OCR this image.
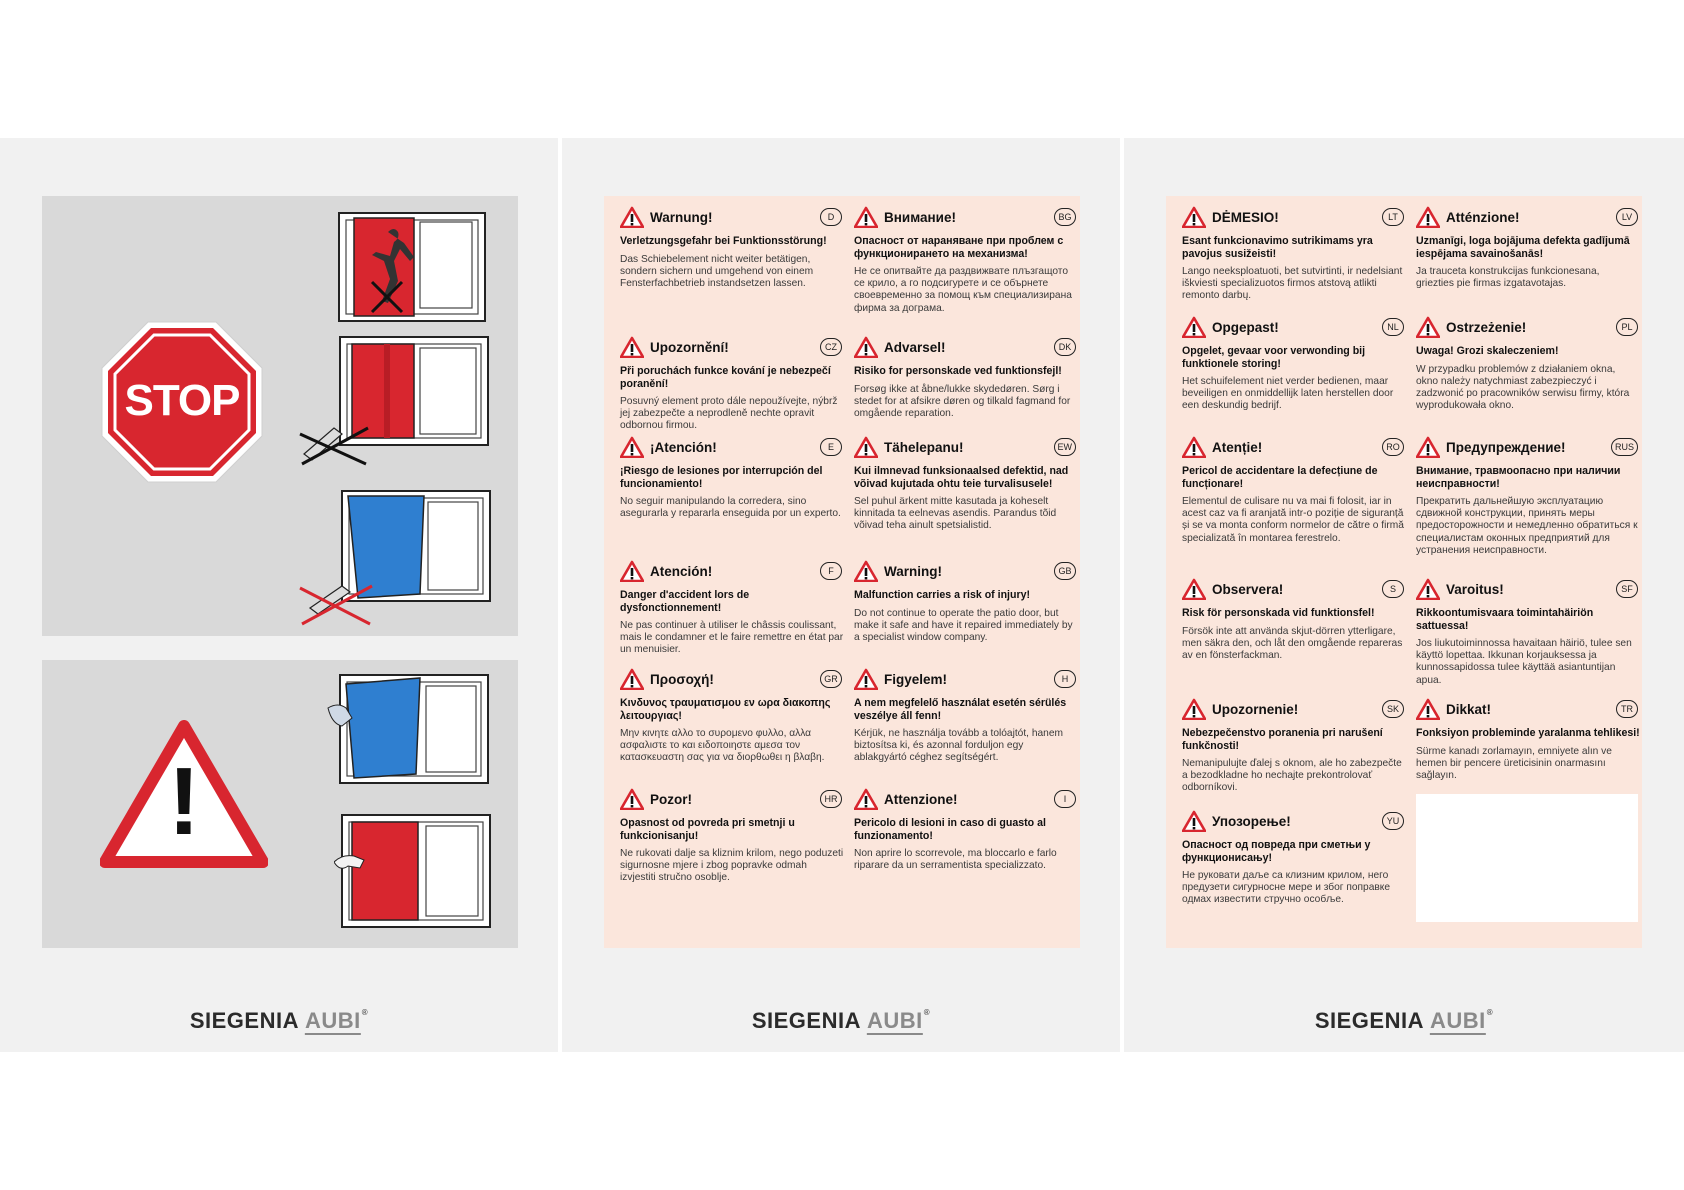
STOP
!
SIEGENIA AUBI®
Warnung!	D
Verletzungsgefahr bei Funktionsstörung!
Das Schiebelement nicht weiter betätigen, sondern sichern und umgehend von einem Fensterfachbetrieb instandsetzen lassen.
Upozornění!	CZ
Při poruchách funkce kování je nebezpečí poranění!
Posuvný element proto dále nepoužívejte, nýbrž jej zabezpečte a neprodleně nechte opravit odbornou firmou.
¡Atención!	E
¡Riesgo de lesiones por interrupción del funcionamiento!
No seguir manipulando la corredera, sino asegurarla y repararla enseguida por un experto.
Atención!	F
Danger d'accident lors de dysfonctionnement!
Ne pas continuer à utiliser le châssis coulissant, mais le condamner et le faire remettre en état par un menuisier.
Προσοχή!	GR
Κινδυνος τραυματισμου εν ωρα διακοπης λειτουργιας!
Μην κινητε αλλο το συρομενο φυλλο, αλλα ασφαλιστε το και ειδοποιηστε αμεσα τον κατασκευαστη σας για να διορθωθει η βλαβη.
Pozor!	HR
Opasnost od povreda pri smetnji u funkcionisanju!
Ne rukovati dalje sa kliznim krilom, nego poduzeti sigurnosne mjere i zbog popravke odmah izvjestiti stručno osoblje.
Внимание!	BG
Опасност от нараняване при проблем с функционирането на механизма!
Не се опитвайте да раздвижвате плъзгащото се крило, а го подсигурете и се обърнете своевременно за помощ към специализирана фирма за дограма.
Advarsel!	DK
Risiko for personskade ved funktionsfejl!
Forsøg ikke at åbne/lukke skydedøren. Sørg i stedet for at afsikre døren og tilkald fagmand for omgående reparation.
Tähelepanu!	EW
Kui ilmnevad funksionaalsed defektid, nad võivad kujutada ohtu teie turvalisusele!
Sel puhul ärkent mitte kasutada ja koheselt kinnitada ta eelnevas asendis. Parandus tõid võivad teha ainult spetsialistid.
Warning!	GB
Malfunction carries a risk of injury!
Do not continue to operate the patio door, but make it safe and have it repaired immediately by a specialist window company.
Figyelem!	H
A nem megfelelő használat esetén sérülés veszélye áll fenn!
Kérjük, ne használja tovább a tolóajtót, hanem biztosítsa ki, és azonnal forduljon egy ablakgyártó céghez segítségért.
Attenzione!	I
Pericolo di lesioni in caso di guasto al funzionamento!
Non aprire lo scorrevole, ma bloccarlo e farlo riparare da un serramentista specializzato.
SIEGENIA AUBI®
DĖMESIO!	LT
Esant funkcionavimo sutrikimams yra pavojus susižeisti!
Lango neeksploatuoti, bet sutvirtinti, ir nedelsiant iškviesti specializuotos firmos atstovą atlikti remonto darbų.
Opgepast!	NL
Opgelet, gevaar voor verwonding bij funktionele storing!
Het schuifelement niet verder bedienen, maar beveiligen en onmiddellijk laten herstellen door een deskundig bedrijf.
Atenție!	RO
Pericol de accidentare la defecțiune de funcționare!
Elementul de culisare nu va mai fi folosit, iar in acest caz va fi aranjată intr-o poziție de siguranță și se va monta conform normelor de către o firmă specializată în montarea ferestrelo.
Observera!	S
Risk för personskada vid funktionsfel!
Försök inte att använda skjut-dörren ytterligare, men säkra den, och låt den omgående repareras av en fönsterfackman.
Upozornenie!	SK
Nebezpečenstvo poranenia pri narušení funkčnosti!
Nemanipulujte ďalej s oknom, ale ho zabezpečte a bezodkladne ho nechajte prekontrolovať odborníkovi.
Упозорење!	YU
Опасност од повреда при сметњи у функционисању!
Не руковати даље са клизним крилом, него предузети сигурносне мере и због поправке одмах известити стручно особље.
Atténzione!	LV
Uzmanīgi, loga bojājuma defekta gadījumā iespējama savainošanās!
Ja trauceta konstrukcijas funkcionesana, griezties pie firmas izgatavotajas.
Ostrzeżenie!	PL
Uwaga! Grozi skaleczeniem!
W przypadku problemów z działaniem okna, okno należy natychmiast zabezpieczyć i zadzwonić po pracowników serwisu firmy, która wyprodukowała okno.
Предупреждение!	RUS
Внимание, травмоопасно при наличии неисправности!
Прекратить дальнейшую эксплуатацию сдвижной конструкции, принять меры предосторожности и немедленно обратиться к специалистам оконных предприятий для устранения неисправности.
Varoitus!	SF
Rikkoontumisvaara toimintahäiriön sattuessa!
Jos liukutoiminnossa havaitaan häiriö, tulee sen käyttö lopettaa. Ikkunan korjauksessa ja kunnossapidossa tulee käyttää asiantuntijan apua.
Dikkat!	TR
Fonksiyon probleminde yaralanma tehlikesi!
Sürme kanadı zorlamayın, emniyete alın ve hemen bir pencere üreticisinin onarmasını sağlayın.
SIEGENIA AUBI®
